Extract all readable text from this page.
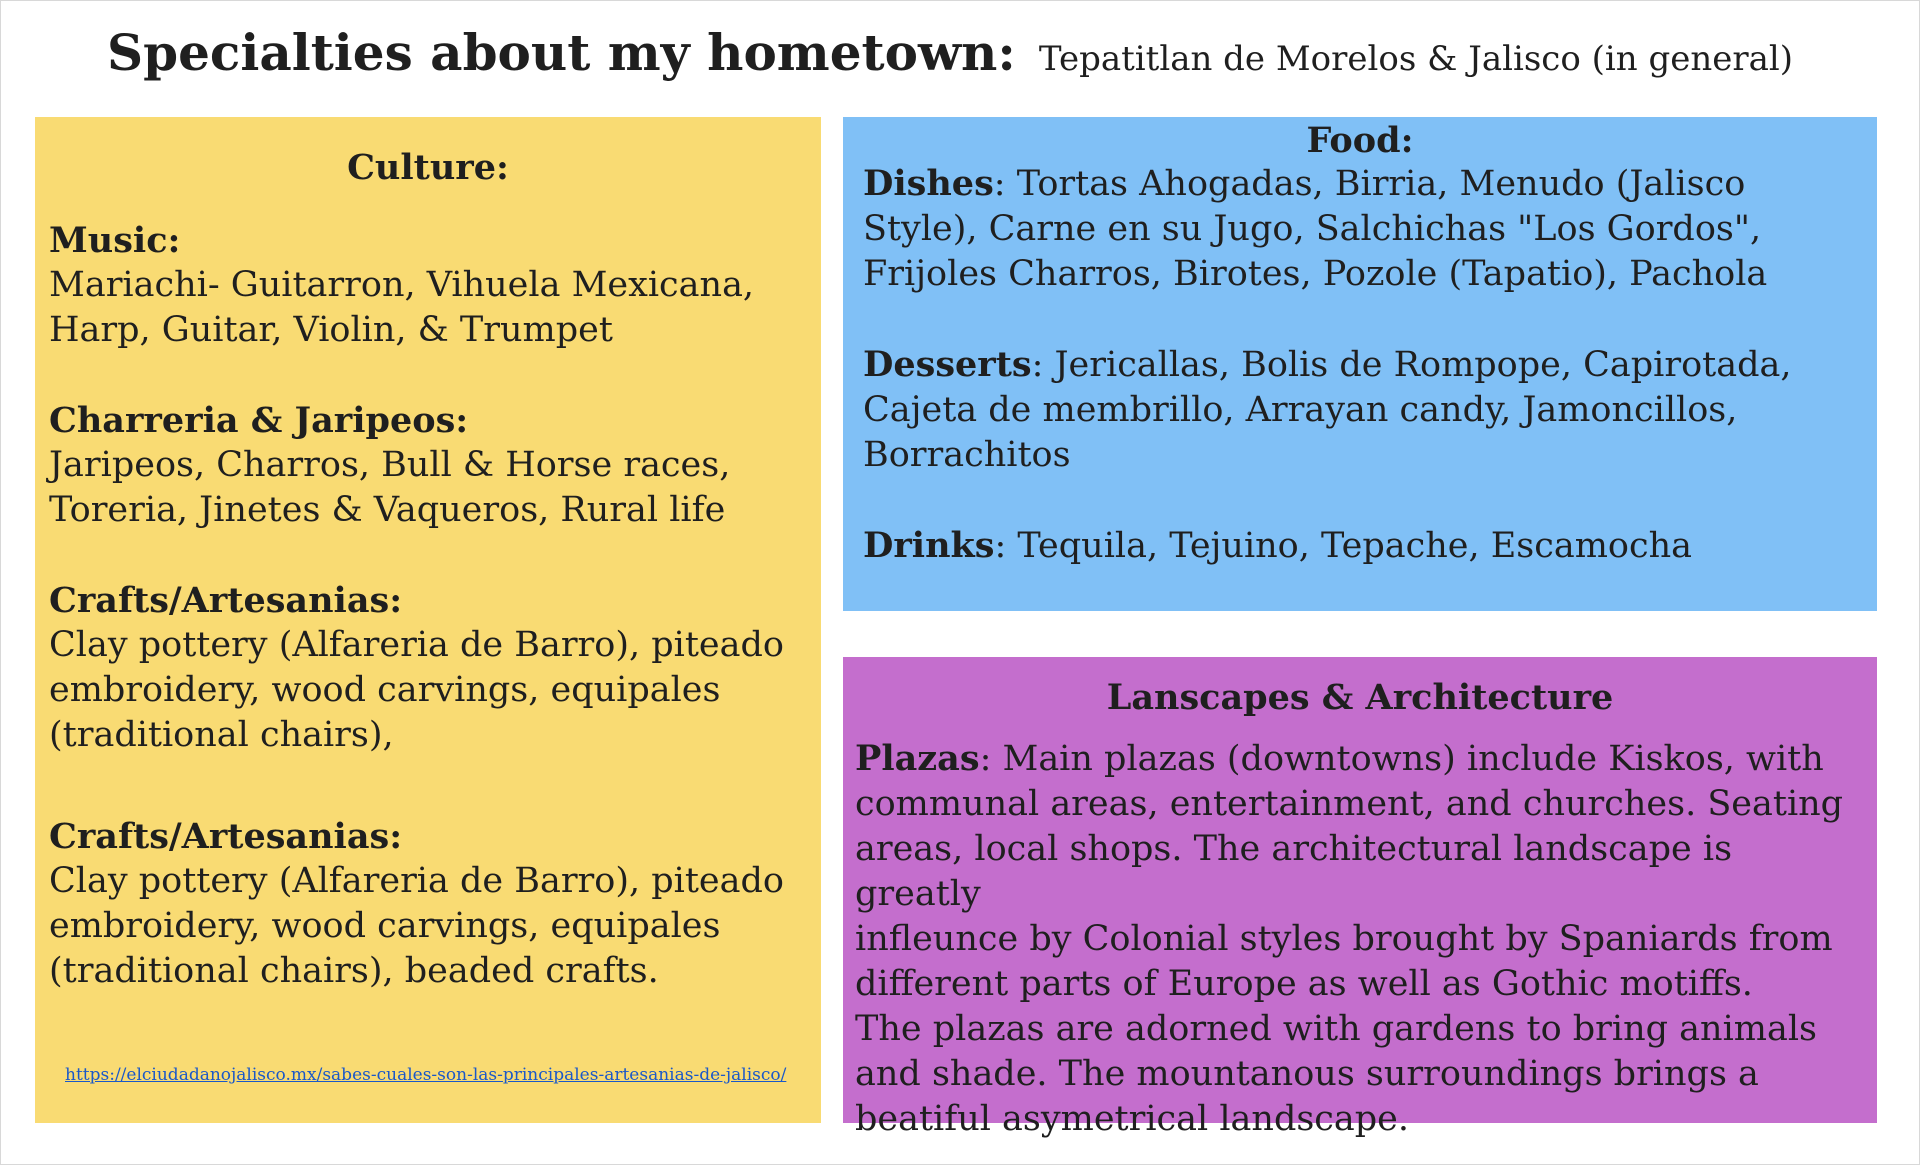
Specialties about my hometown: Tepatitlan de Morelos & Jalisco (in general)
Culture:
Music:
Mariachi- Guitarron, Vihuela Mexicana,
Harp, Guitar, Violin, & Trumpet
Charreria & Jaripeos:
Jaripeos, Charros, Bull & Horse races,
Toreria, Jinetes & Vaqueros, Rural life
Crafts/Artesanias:
Clay pottery (Alfareria de Barro), piteado
embroidery, wood carvings, equipales
(traditional chairs),
Crafts/Artesanias:
Clay pottery (Alfareria de Barro), piteado
embroidery, wood carvings, equipales
(traditional chairs), beaded crafts.
https://elciudadanojalisco.mx/sabes-cuales-son-las-principales-artesanias-de-jalisco/
Food:
Dishes: Tortas Ahogadas, Birria, Menudo (Jalisco
Style), Carne en su Jugo, Salchichas "Los Gordos",
Frijoles Charros, Birotes, Pozole (Tapatio), Pachola
Desserts: Jericallas, Bolis de Rompope, Capirotada,
Cajeta de membrillo, Arrayan candy, Jamoncillos,
Borrachitos
Drinks: Tequila, Tejuino, Tepache, Escamocha
Lanscapes & Architecture
Plazas: Main plazas (downtowns) include Kiskos, with
communal areas, entertainment, and churches. Seating
areas, local shops. The architectural landscape is greatly
infleunce by Colonial styles brought by Spaniards from
different parts of Europe as well as Gothic motiffs.
The plazas are adorned with gardens to bring animals
and shade. The mountanous surroundings brings a
beatiful asymetrical landscape.
